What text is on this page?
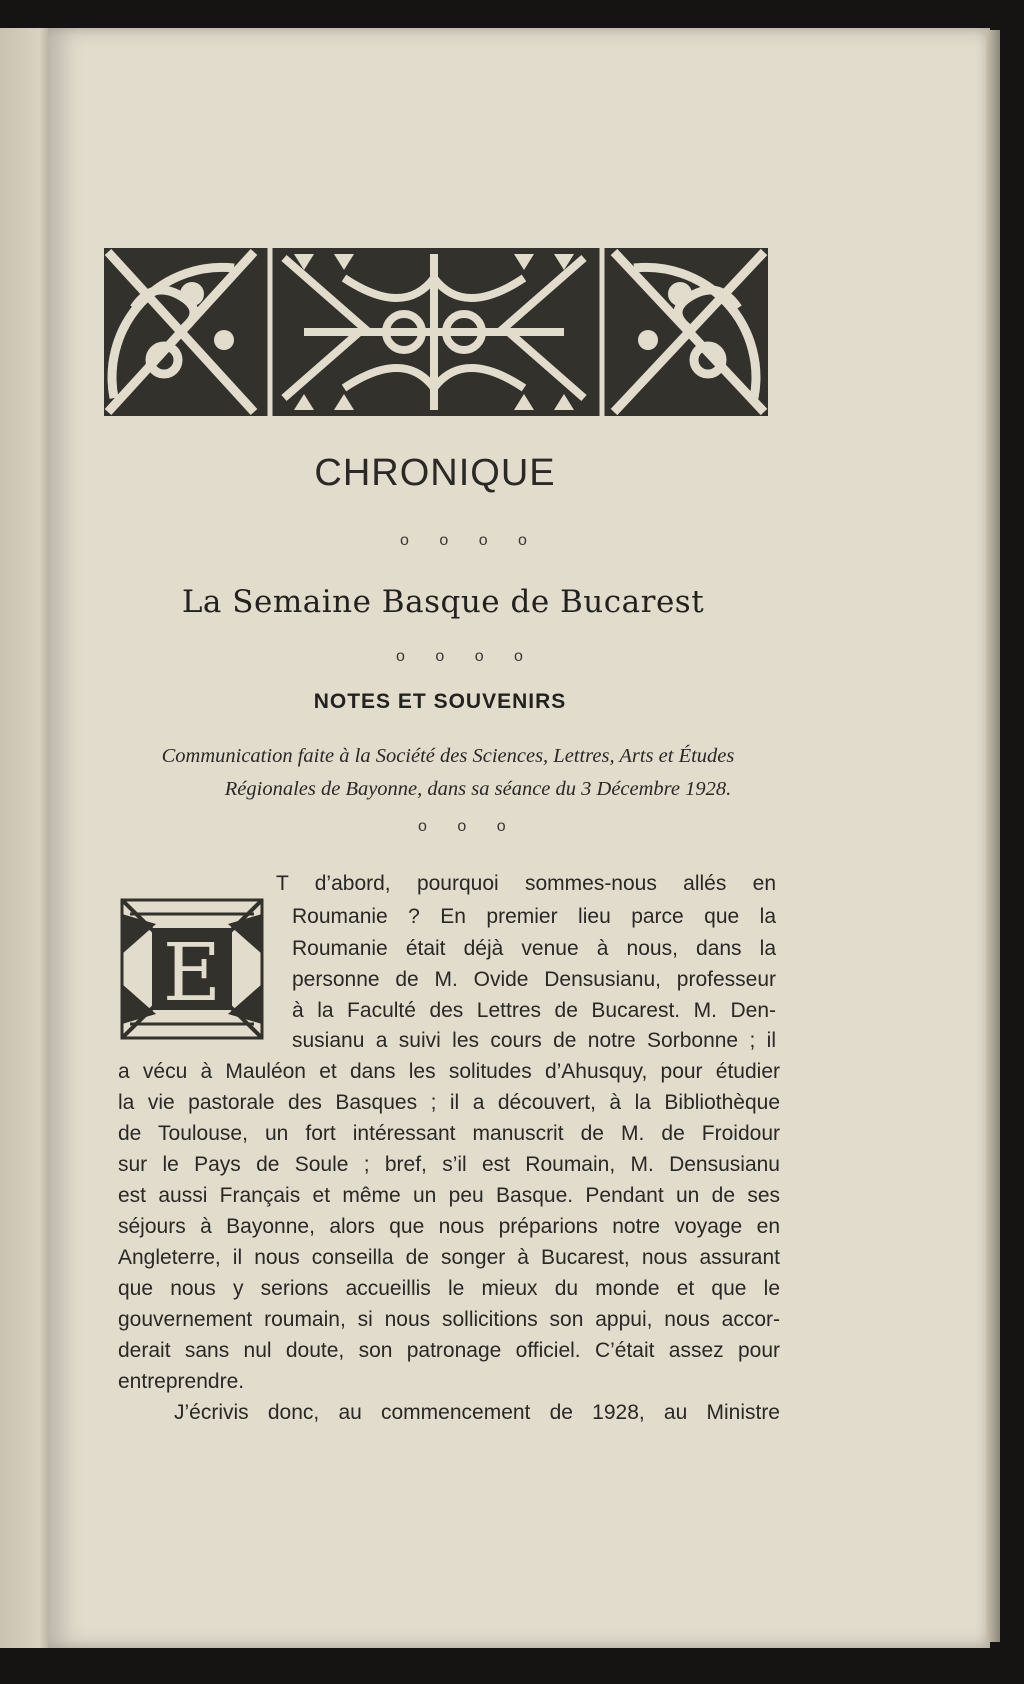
CHRONIQUE
o o o o
La Semaine Basque de Bucarest
o o o o
NOTES ET SOUVENIRS
Communication faite à la Société des Sciences, Lettres, Arts et Études
Régionales de Bayonne, dans sa séance du 3 Décembre 1928.
o o o
E
T d’abord, pourquoi sommes-nous allés en
Roumanie ? En premier lieu parce que la
Roumanie était déjà venue à nous, dans la
personne de M. Ovide Densusianu, professeur
à la Faculté des Lettres de Bucarest. M. Den-
susianu a suivi les cours de notre Sorbonne ; il
a vécu à Mauléon et dans les solitudes d’Ahusquy, pour étudier
la vie pastorale des Basques ; il a découvert, à la Bibliothèque
de Toulouse, un fort intéressant manuscrit de M. de Froidour
sur le Pays de Soule ; bref, s’il est Roumain, M. Densusianu
est aussi Français et même un peu Basque. Pendant un de ses
séjours à Bayonne, alors que nous préparions notre voyage en
Angleterre, il nous conseilla de songer à Bucarest, nous assurant
que nous y serions accueillis le mieux du monde et que le
gouvernement roumain, si nous sollicitions son appui, nous accor-
derait sans nul doute, son patronage officiel. C’était assez pour
entreprendre.
J’écrivis donc, au commencement de 1928, au Ministre
